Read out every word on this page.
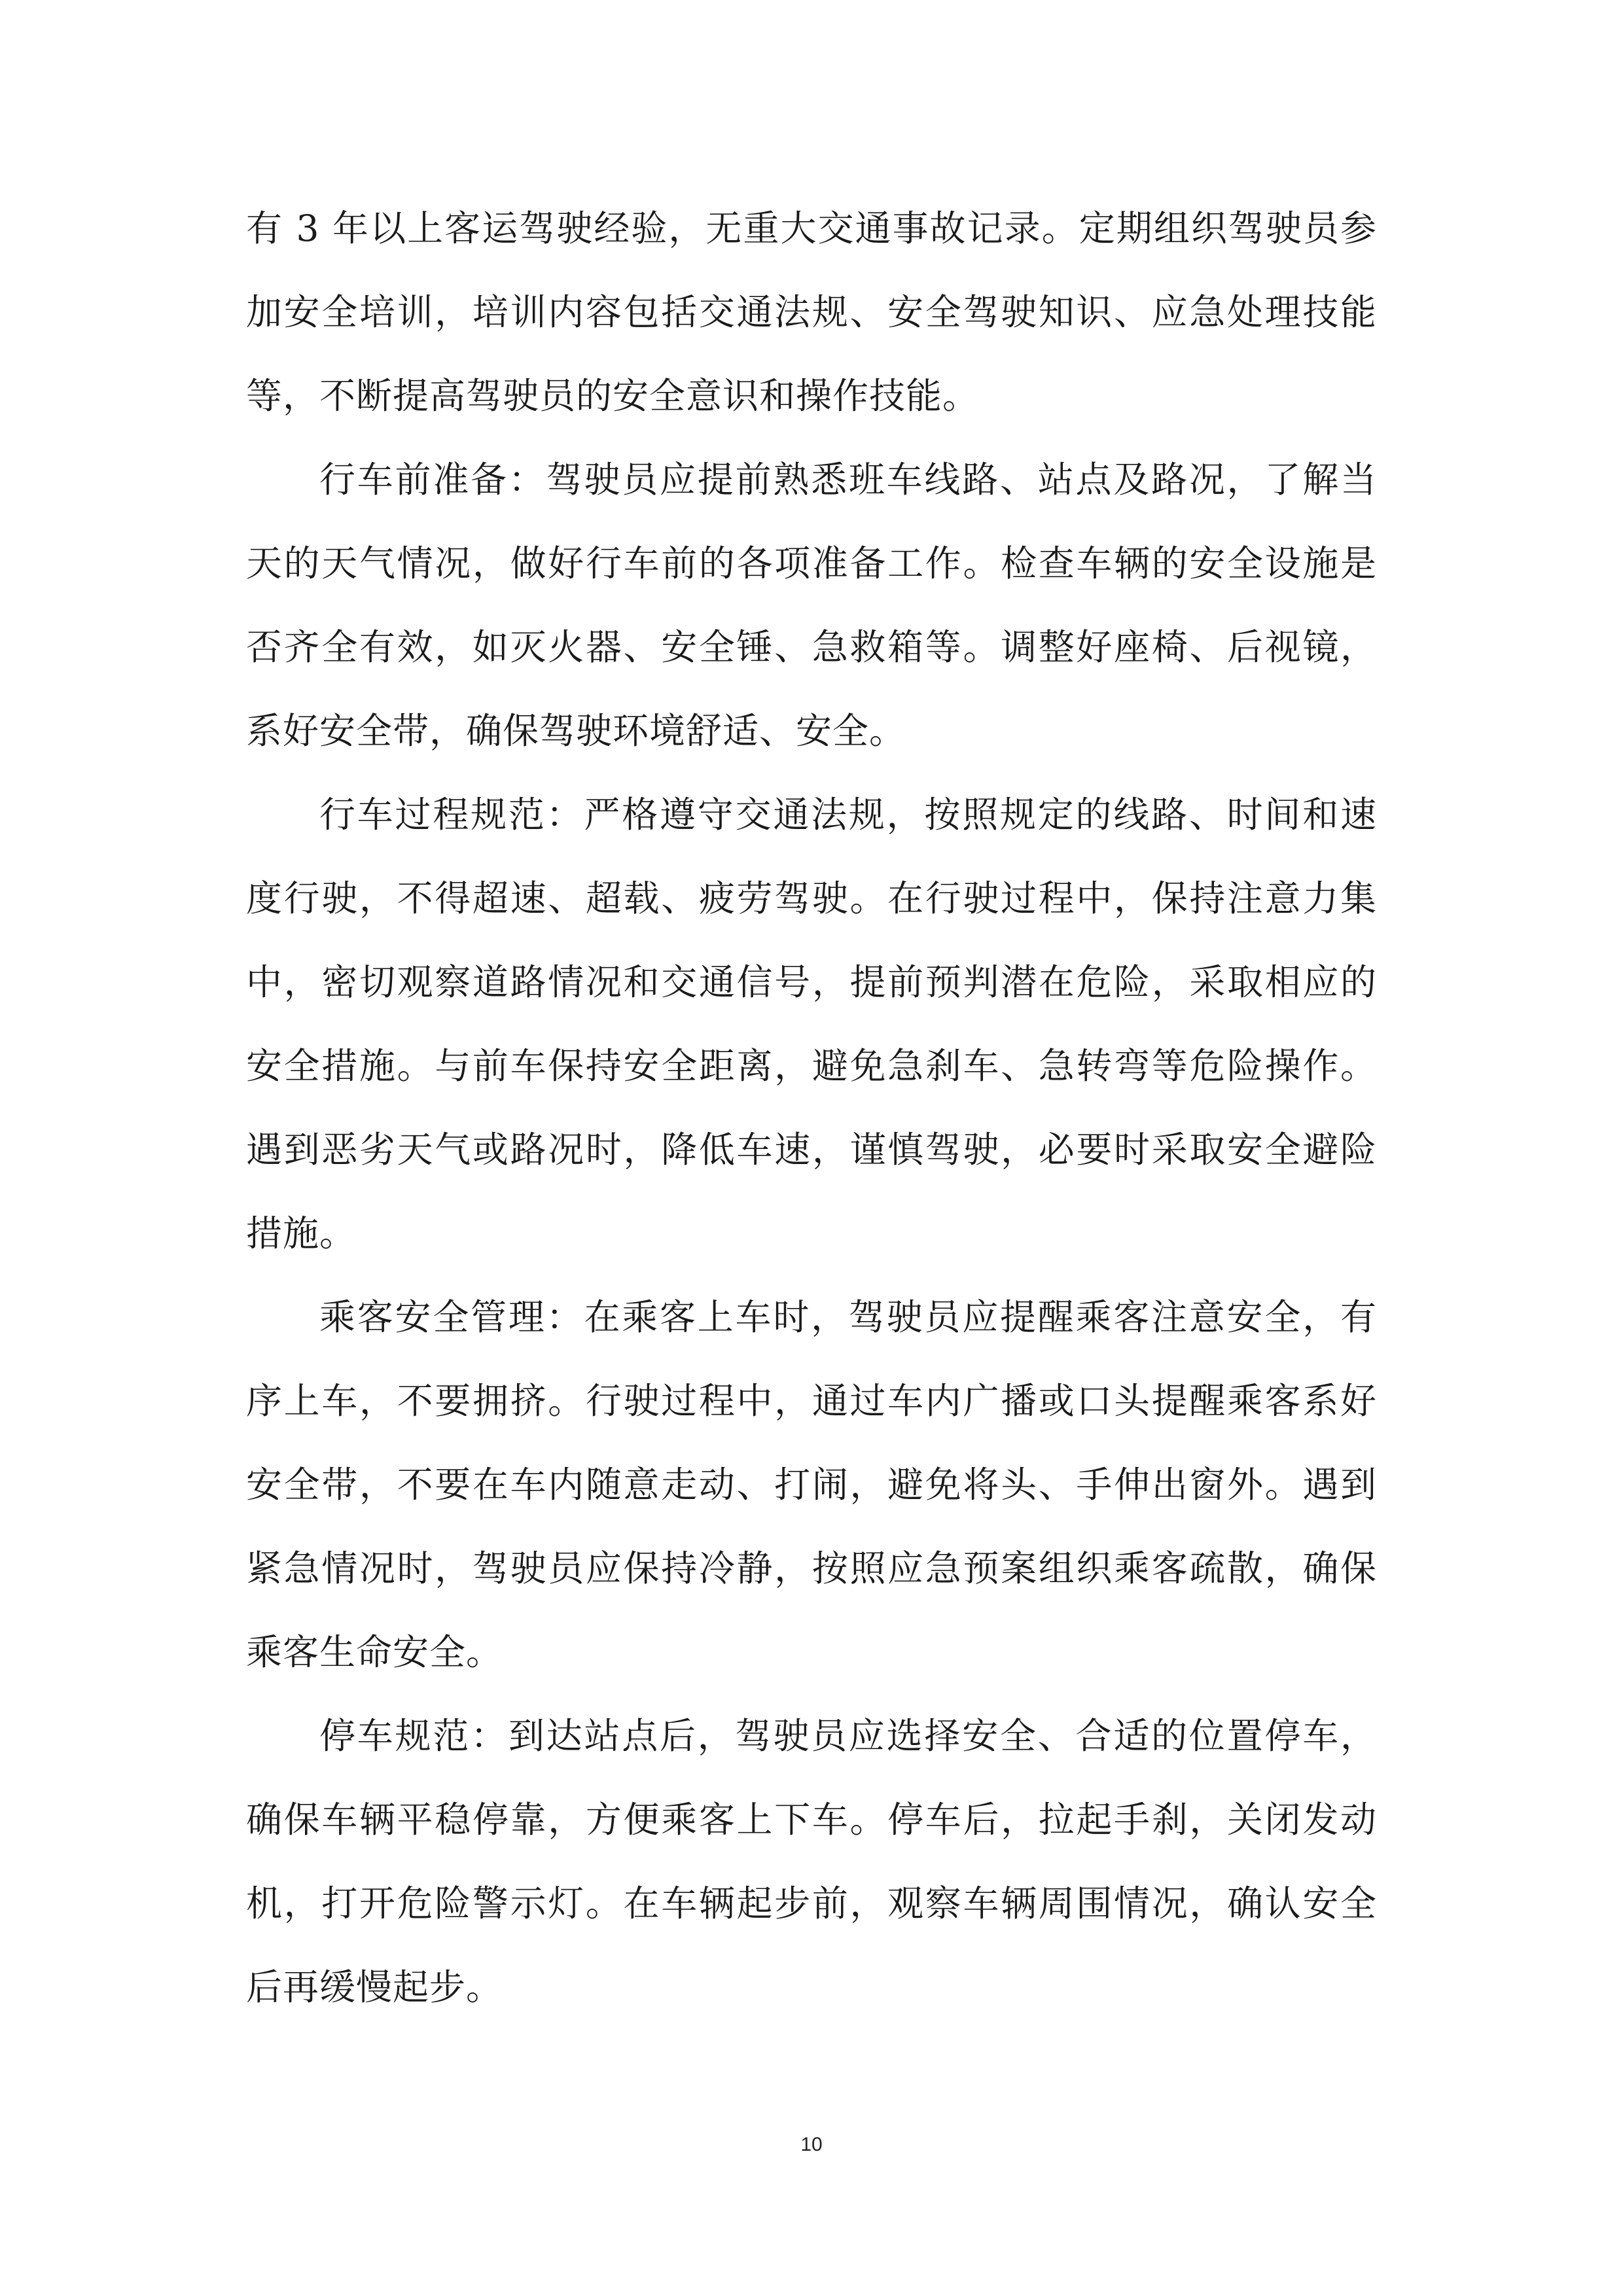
有 3 年以上客运驾驶经验，无重大交通事故记录。定期组织驾驶员参加安全培训，培训内容包括交通法规、安全驾驶知识、应急处理技能等，不断提高驾驶员的安全意识和操作技能。

行车前准备：驾驶员应提前熟悉班车线路、站点及路况，了解当天的天气情况，做好行车前的各项准备工作。检查车辆的安全设施是否齐全有效，如灭火器、安全锤、急救箱等。调整好座椅、后视镜，系好安全带，确保驾驶环境舒适、安全。

行车过程规范：严格遵守交通法规，按照规定的线路、时间和速度行驶，不得超速、超载、疲劳驾驶。在行驶过程中，保持注意力集中，密切观察道路情况和交通信号，提前预判潜在危险，采取相应的安全措施。与前车保持安全距离，避免急刹车、急转弯等危险操作。遇到恶劣天气或路况时，降低车速，谨慎驾驶，必要时采取安全避险措施。

乘客安全管理：在乘客上车时，驾驶员应提醒乘客注意安全，有序上车，不要拥挤。行驶过程中，通过车内广播或口头提醒乘客系好安全带，不要在车内随意走动、打闹，避免将头、手伸出窗外。遇到紧急情况时，驾驶员应保持冷静，按照应急预案组织乘客疏散，确保乘客生命安全。

停车规范：到达站点后，驾驶员应选择安全、合适的位置停车，确保车辆平稳停靠，方便乘客上下车。停车后，拉起手刹，关闭发动机，打开危险警示灯。在车辆起步前，观察车辆周围情况，确认安全后再缓慢起步。

10
